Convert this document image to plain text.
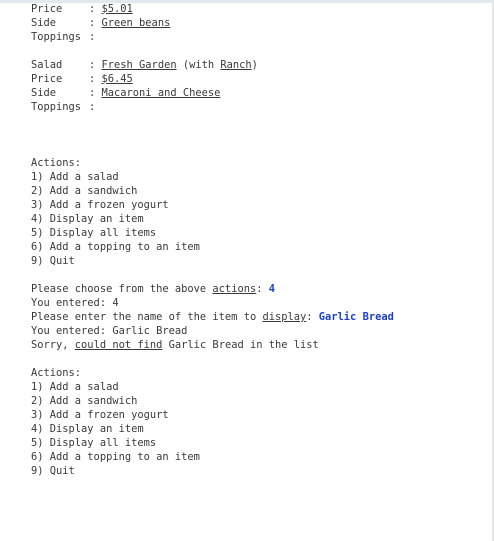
Price	: $5.01
Side	: Green beans
Toppings :
Salad	: Fresh Garden (with Ranch)
Price	: $6.45
Side	: Macaroni and Cheese
Toppings :
Actions:
1) Add a salad
2) Add a sandwich
3) Add a frozen yogurt
4) Display an item
5) Display all items
6) Add a topping to an item
9) Quit
Please choose from the above actions: 4
You entered: 4
Please enter the name of the item to display: Garlic Bread
You entered: Garlic Bread
Sorry, could not find Garlic Bread in the list
Actions:
1) Add a salad
2) Add a sandwich
3) Add a frozen yogurt
4) Display an item
5) Display all items
6) Add a topping to an item
9) Quit
